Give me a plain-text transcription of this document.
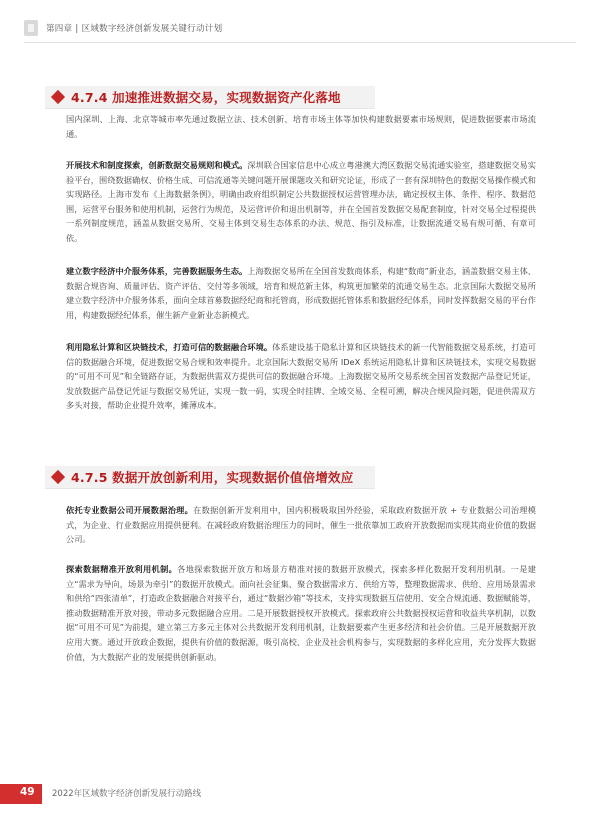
第四章 | 区域数字经济创新发展关键行动计划
4.7.4 加速推进数据交易，实现数据资产化落地

国内深圳、上海、北京等城市率先通过数据立法、技术创新、培育市场主体等加快构建数据要素市场规则，促进数据要素市场流通。

开展技术和制度探索，创新数据交易规则和模式。深圳联合国家信息中心成立粤港澳大湾区数据交易流通实验室，搭建数据交易实验平台，围绕数据确权、价格生成、可信流通等关键问题开展课题攻关和研究论证，形成了一套有深圳特色的数据交易操作模式和实现路径。上海市发布《上海数据条例》，明确由政府组织制定公共数据授权运营管理办法，确定授权主体、条件、程序、数据范围，运营平台服务和使用机制，运营行为规范，及运营评价和退出机制等，并在全国首发数据交易配套制度，针对交易全过程提供一系列制度规范，涵盖从数据交易所、交易主体到交易生态体系的办法、规范、指引及标准，让数据流通交易有规可循、有章可依。

建立数字经济中介服务体系，完善数据服务生态。上海数据交易所在全国首发数商体系，构建“数商”新业态，涵盖数据交易主体、数据合规咨询、质量评估、资产评估、交付等多领域，培育和规范新主体，构筑更加繁荣的流通交易生态。北京国际大数据交易所建立数字经济中介服务体系，面向全球首募数据经纪商和托管商，形成数据托管体系和数据经纪体系，同时发挥数据交易的平台作用，构建数据经纪体系，催生新产业新业态新模式。

利用隐私计算和区块链技术，打造可信的数据融合环境。体系建设基于隐私计算和区块链技术的新一代智能数据交易系统，打造可信的数据融合环境，促进数据交易合规和效率提升。北京国际大数据交易所 IDeX 系统运用隐私计算和区块链技术，实现交易数据的“可用不可见”和全链路存证，为数据供需双方提供可信的数据融合环境。上海数据交易所交易系统全国首发数据产品登记凭证，发放数据产品登记凭证与数据交易凭证，实现一数一码，实现全时挂牌、全域交易、全程可溯，解决合规风险问题，促进供需双方多头对接，帮助企业提升效率，摊薄成本。

4.7.5 数据开放创新利用，实现数据价值倍增效应

依托专业数据公司开展数据治理。在数据创新开发利用中，国内积极吸取国外经验，采取政府数据开放 + 专业数据公司治理模式，为企业、行业数据应用提供便利。在减轻政府数据治理压力的同时，催生一批依靠加工政府开放数据而实现其商业价值的数据公司。

探索数据精准开放利用机制。各地探索数据开放方和场景方精准对接的数据开放模式，探索多样化数据开发利用机制。一是建立“需求为导向，场景为牵引”的数据开放模式。面向社会征集、聚合数据需求方、供给方等，整理数据需求、供给、应用场景需求和供给“四张清单”，打造政企数据融合对接平台，通过“数据沙箱”等技术，支持实现数据互信使用、安全合规流通、数据赋能等，推动数据精准开放对接，带动多元数据融合应用。二是开展数据授权开放模式。探索政府公共数据授权运营和收益共享机制，以数据“可用不可见”为前提，建立第三方多元主体对公共数据开发利用机制，让数据要素产生更多经济和社会价值。三是开展数据开放应用大赛。通过开放政企数据，提供有价值的数据源，吸引高校、企业及社会机构参与，实现数据的多样化应用，充分发挥大数据价值，为大数据产业的发展提供创新驱动。

49 2022年区域数字经济创新发展行动路线
